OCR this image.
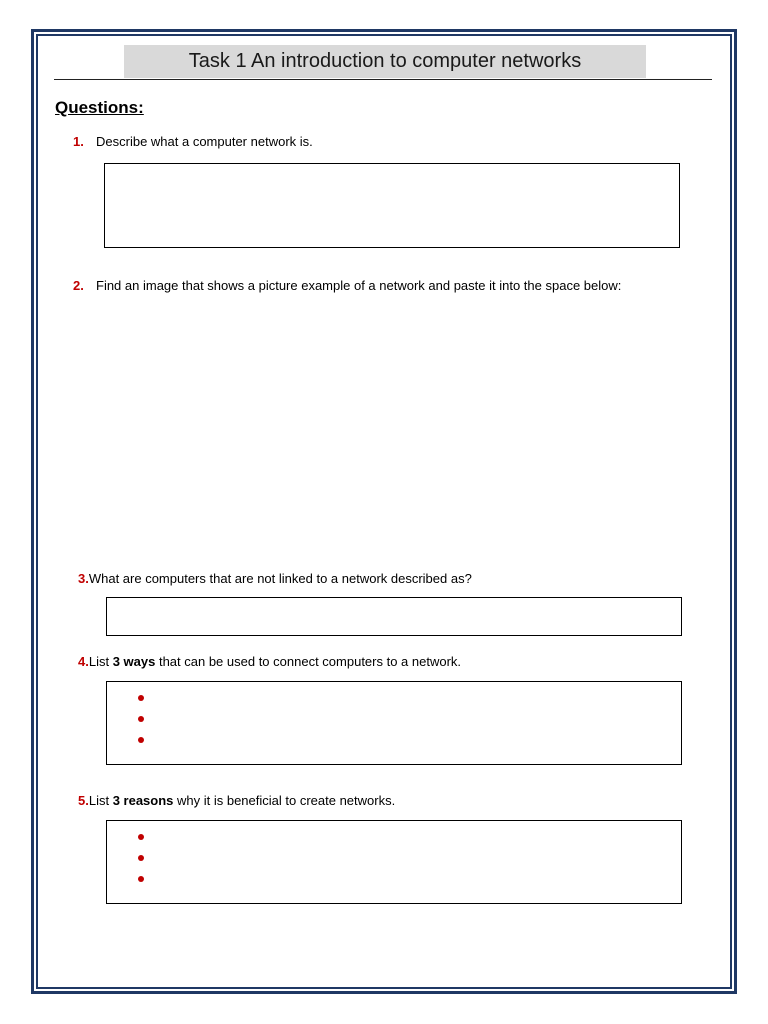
Task 1 An introduction to computer networks
Questions:
1. Describe what a computer network is.
2. Find an image that shows a picture example of a network and paste it into the space below:
3.What are computers that are not linked to a network described as?
4.List 3 ways that can be used to connect computers to a network.
5.List 3 reasons why it is beneficial to create networks.
